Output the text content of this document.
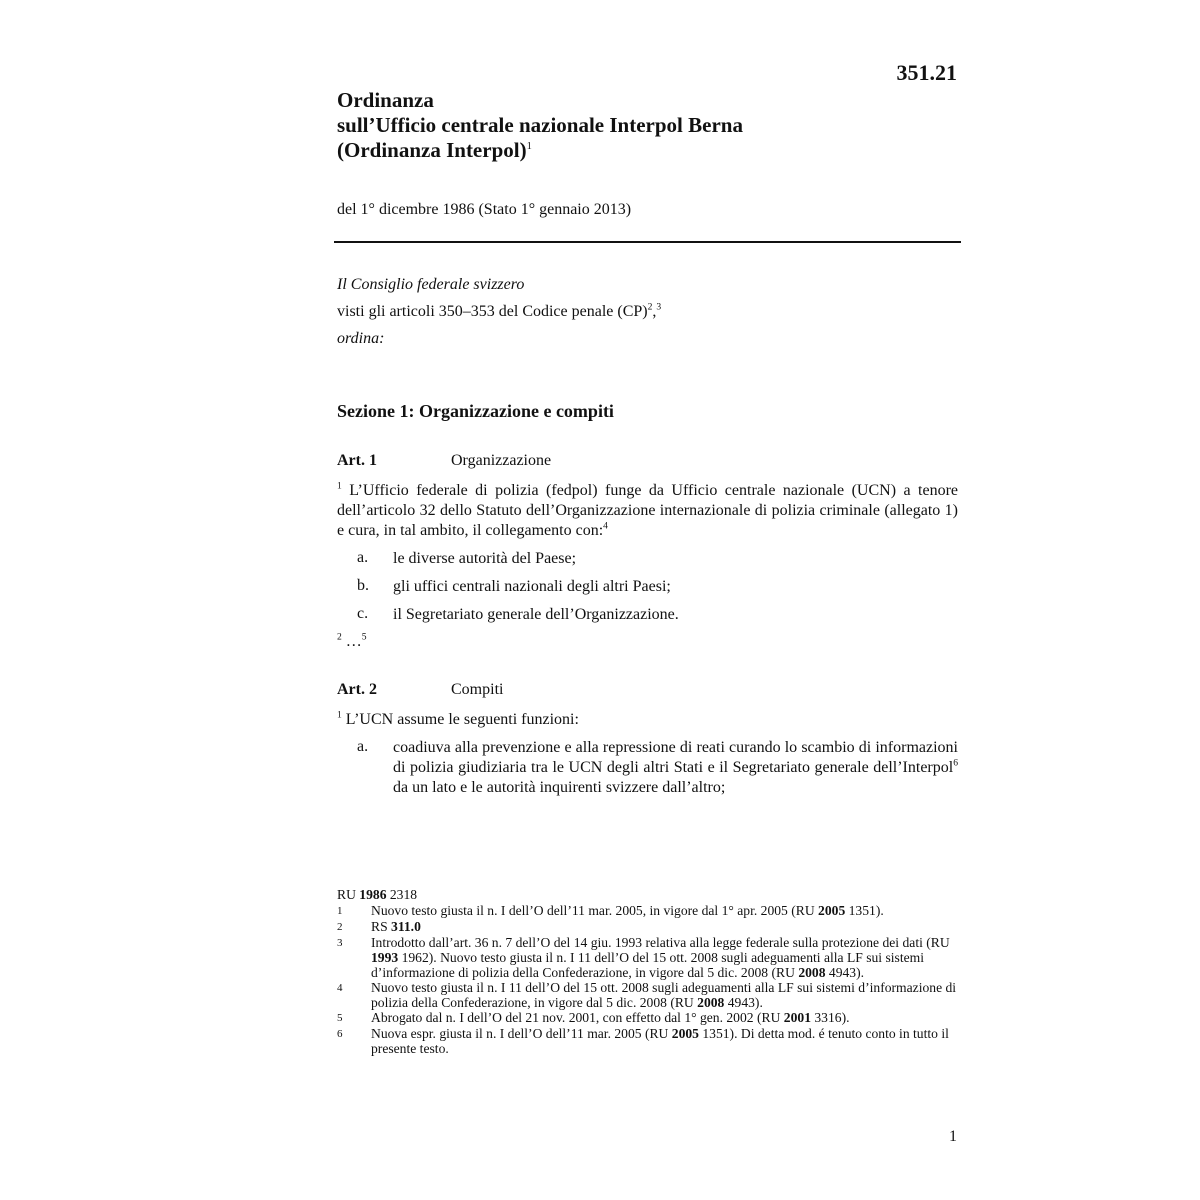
351.21
Ordinanza
sull’Ufficio centrale nazionale Interpol Berna
(Ordinanza Interpol)$^1$
del 1° dicembre 1986 (Stato 1° gennaio 2013)
Il Consiglio federale svizzero
visti gli articoli 350–353 del Codice penale (CP)$^2$,$^3$
ordina:
Sezione 1: Organizzazione e compiti
Art. 1	Organizzazione
$^1$ L’Ufficio federale di polizia (fedpol) funge da Ufficio centrale nazionale (UCN) a tenore dell’articolo 32 dello Statuto dell’Organizzazione internazionale di polizia criminale (allegato 1) e cura, in tal ambito, il collegamento con:$^4$
a.	le diverse autorità del Paese;
b.	gli uffici centrali nazionali degli altri Paesi;
c.	il Segretariato generale dell’Organizzazione.
$^2$ …$^5$
Art. 2	Compiti
$^1$ L’UCN assume le seguenti funzioni:
a.	coadiuva alla prevenzione e alla repressione di reati curando lo scambio di informazioni di polizia giudiziaria tra le UCN degli altri Stati e il Segretariato generale dell’Interpol$^6$ da un lato e le autorità inquirenti svizzere dall’altro;
RU 1986 2318
1	Nuovo testo giusta il n. I dell’O dell’11 mar. 2005, in vigore dal 1° apr. 2005 (RU 2005 1351).
2	RS 311.0
3	Introdotto dall’art. 36 n. 7 dell’O del 14 giu. 1993 relativa alla legge federale sulla protezione dei dati (RU 1993 1962). Nuovo testo giusta il n. I 11 dell’O del 15 ott. 2008 sugli adeguamenti alla LF sui sistemi d’informazione di polizia della Confederazione, in vigore dal 5 dic. 2008 (RU 2008 4943).
4	Nuovo testo giusta il n. I 11 dell’O del 15 ott. 2008 sugli adeguamenti alla LF sui sistemi d’informazione di polizia della Confederazione, in vigore dal 5 dic. 2008 (RU 2008 4943).
5	Abrogato dal n. I dell’O del 21 nov. 2001, con effetto dal 1° gen. 2002 (RU 2001 3316).
6	Nuova espr. giusta il n. I dell’O dell’11 mar. 2005 (RU 2005 1351). Di detta mod. é tenuto conto in tutto il presente testo.
1
